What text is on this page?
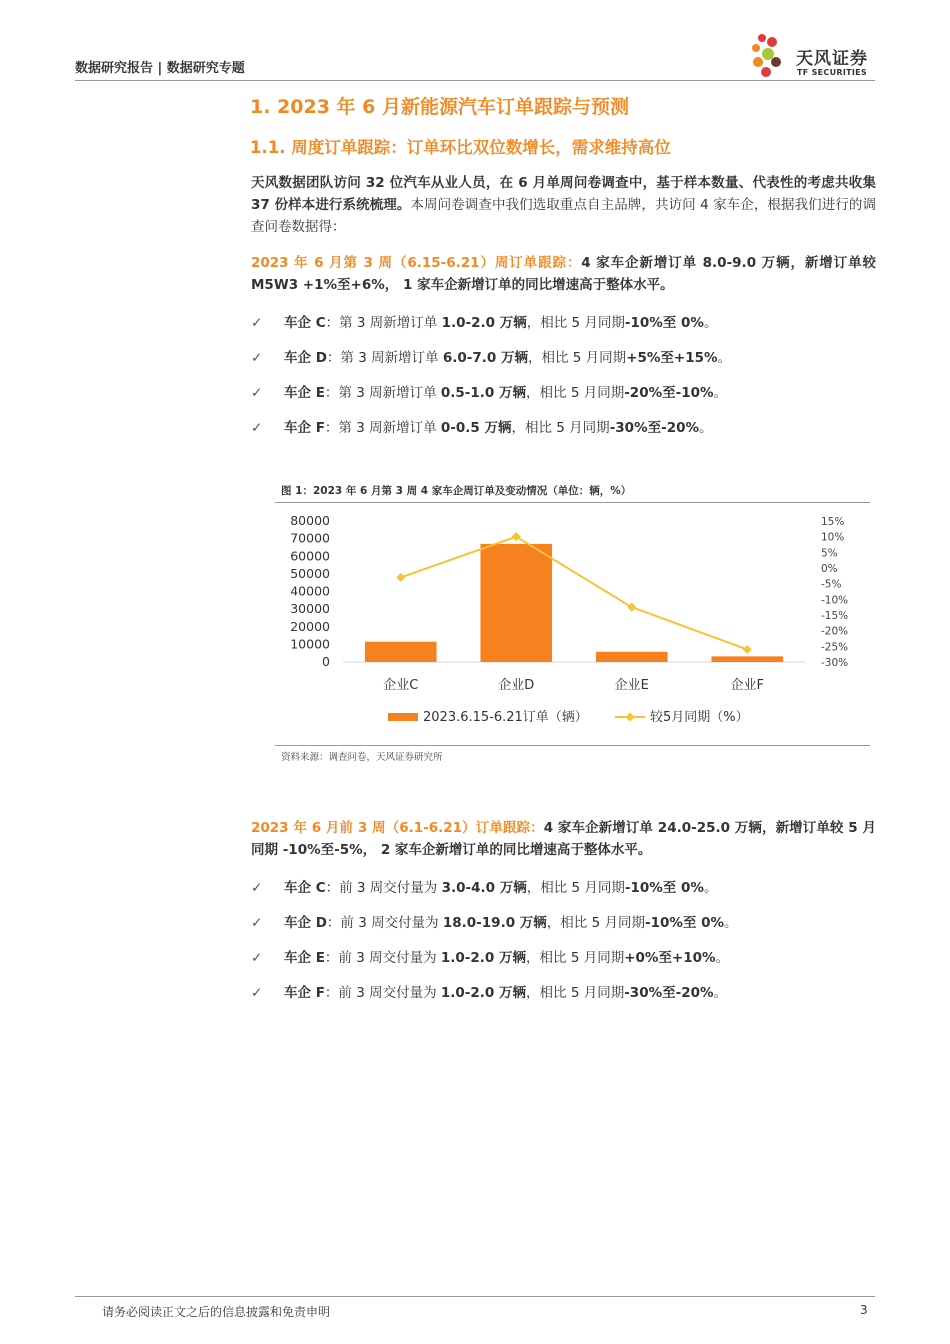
数据研究报告 | 数据研究专题	天风证券
TF SECURITIES
1. 2023 年 6 月新能源汽车订单跟踪与预测
1.1. 周度订单跟踪：订单环比双位数增长，需求维持高位
天风数据团队访问 32 位汽车从业人员，在 6 月单周问卷调查中，基于样本数量、代表性的考虑共收集 37 份样本进行系统梳理。本周问卷调查中我们选取重点自主品牌，共访问 4 家车企，根据我们进行的调查问卷数据得：
2023 年 6 月第 3 周（6.15-6.21）周订单跟踪：4 家车企新增订单 8.0-9.0 万辆，新增订单较 M5W3 +1%至+6%， 1 家车企新增订单的同比增速高于整体水平。
✓ 车企 C：第 3 周新增订单 1.0-2.0 万辆，相比 5 月同期-10%至 0%。
✓ 车企 D：第 3 周新增订单 6.0-7.0 万辆，相比 5 月同期+5%至+15%。
✓ 车企 E：第 3 周新增订单 0.5-1.0 万辆，相比 5 月同期-20%至-10%。
✓ 车企 F：第 3 周新增订单 0-0.5 万辆，相比 5 月同期-30%至-20%。
图 1：2023 年 6 月第 3 周 4 家车企周订单及变动情况（单位：辆，%）
0
10000
20000
30000
40000
50000
60000
70000
80000	15%
10%
5%
0%
-5%
-10%
-15%
-20%
-25%
-30%
企业C	企业D	企业E	企业F
2023.6.15-6.21订单（辆）	较5月同期（%）
资料来源：调查问卷，天风证券研究所
2023 年 6 月前 3 周（6.1-6.21）订单跟踪：4 家车企新增订单 24.0-25.0 万辆，新增订单较 5 月同期 -10%至-5%， 2 家车企新增订单的同比增速高于整体水平。
✓ 车企 C：前 3 周交付量为 3.0-4.0 万辆，相比 5 月同期-10%至 0%。
✓ 车企 D：前 3 周交付量为 18.0-19.0 万辆，相比 5 月同期-10%至 0%。
✓ 车企 E：前 3 周交付量为 1.0-2.0 万辆，相比 5 月同期+0%至+10%。
✓ 车企 F：前 3 周交付量为 1.0-2.0 万辆，相比 5 月同期-30%至-20%。
请务必阅读正文之后的信息披露和免责申明	3
